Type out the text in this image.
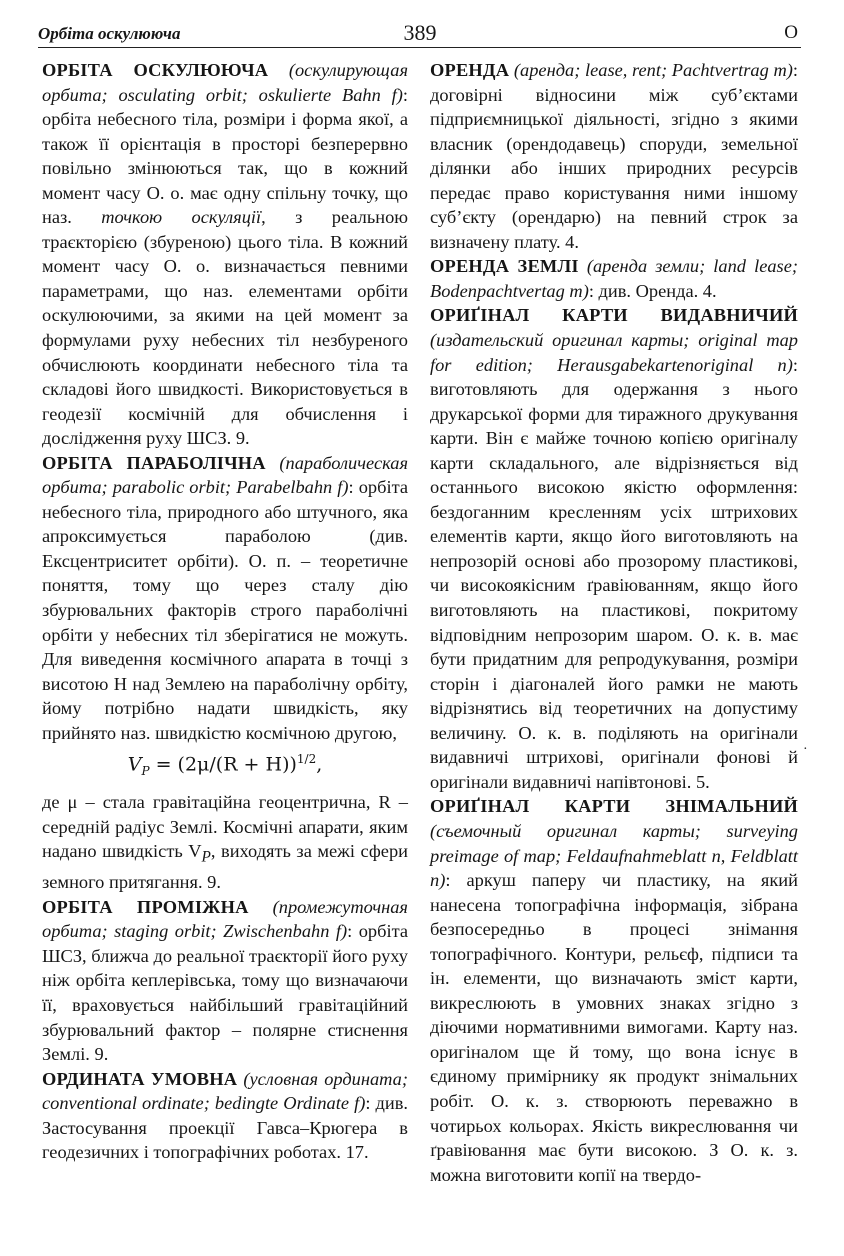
Орбіта оскулююча	389	О

ОРБІТА ОСКУЛЮЮЧА (оскулирующая орбита; osculating orbit; oskulierte Bahn f): орбіта небесного тіла, розміри і форма якої, а також її орієнтація в просторі безперервно повільно змінюються так, що в кожний момент часу О. о. має одну спільну точку, що наз. точкою оскуляції, з реальною траєкторією (збуреною) цього тіла. В кожний момент часу О. о. визначається певними параметрами, що наз. елементами орбіти оскулюючими, за якими на цей момент за формулами руху небесних тіл незбуреного обчислюють координати небесного тіла та складові його швидкості. Використовується в геодезії космічній для обчислення і дослідження руху ШСЗ. 9.

ОРБІТА ПАРАБОЛІЧНА (параболическая орбита; parabolic orbit; Parabelbahn f): орбіта небесного тіла, природного або штучного, яка апроксимується параболою (див. Ексцентриситет орбіти). О. п. – теоретичне поняття, тому що через сталу дію збурювальних факторів строго параболічні орбіти у небесних тіл зберігатися не можуть. Для виведення космічного апарата в точці з висотою H над Землею на параболічну орбіту, йому потрібно надати швидкість, яку прийнято наз. швидкістю космічною другою,

$V_P = (2\mu/(R + H))^{1/2}$,

де μ – стала гравітаційна геоцентрична, R – середній радіус Землі. Космічні апарати, яким надано швидкість $V_P$, виходять за межі сфери земного притягання. 9.

ОРБІТА ПРОМІЖНА (промежуточная орбита; staging orbit; Zwischenbahn f): орбіта ШСЗ, ближча до реальної траєкторії його руху ніж орбіта кеплерівська, тому що визначаючи її, враховується найбільший гравітаційний збурювальний фактор – полярне стиснення Землі. 9.

ОРДИНАТА УМОВНА (условная ордината; conventional ordinate; bedingte Ordinate f): див. Застосування проекції Гавса–Крюгера в геодезичних і топографічних роботах. 17.

ОРЕНДА (аренда; lease, rent; Pachtvertrag m): договірні відносини між суб’єктами підприємницької діяльності, згідно з якими власник (орендодавець) споруди, земельної ділянки або інших природних ресурсів передає право користування ними іншому суб’єкту (орендарю) на певний строк за визначену плату. 4.

ОРЕНДА ЗЕМЛІ (аренда земли; land lease; Bodenpachtvertag m): див. Оренда. 4.

ОРИҐІНАЛ КАРТИ ВИДАВНИЧИЙ (издательский оригинал карты; original map for edition; Herausgabekartenoriginal n): виготовляють для одержання з нього друкарської форми для тиражного друкування карти. Він є майже точною копією оригіналу карти складального, але відрізняється від останнього високою якістю оформлення: бездоганним кресленням усіх штрихових елементів карти, якщо його виготовляють на непрозорій основі або прозорому пластикові, чи високоякісним ґравіюванням, якщо його виготовляють на пластикові, покритому відповідним непрозорим шаром. О. к. в. має бути придатним для репродукування, розміри сторін і діагоналей його рамки не мають відрізнятись від теоретичних на допустиму величину. О. к. в. поділяють на оригінали видавничі штрихові, оригінали фонові й оригінали видавничі напівтонові. 5.

ОРИҐІНАЛ КАРТИ ЗНІМАЛЬНИЙ (съемочный оригинал карты; surveying preimage of map; Feldaufnahmeblatt n, Feldblatt n): аркуш паперу чи пластику, на який нанесена топографічна інформація, зібрана безпосередньо в процесі знімання топографічного. Контури, рельєф, підписи та ін. елементи, що визначають зміст карти, викреслюють в умовних знаках згідно з діючими нормативними вимогами. Карту наз. оригіналом ще й тому, що вона існує в єдиному примірнику як продукт знімальних робіт. О. к. з. створюють переважно в чотирьох кольорах. Якість викреслювання чи ґравіювання має бути високою. З О. к. з. можна виготовити копії на твердо-

·
